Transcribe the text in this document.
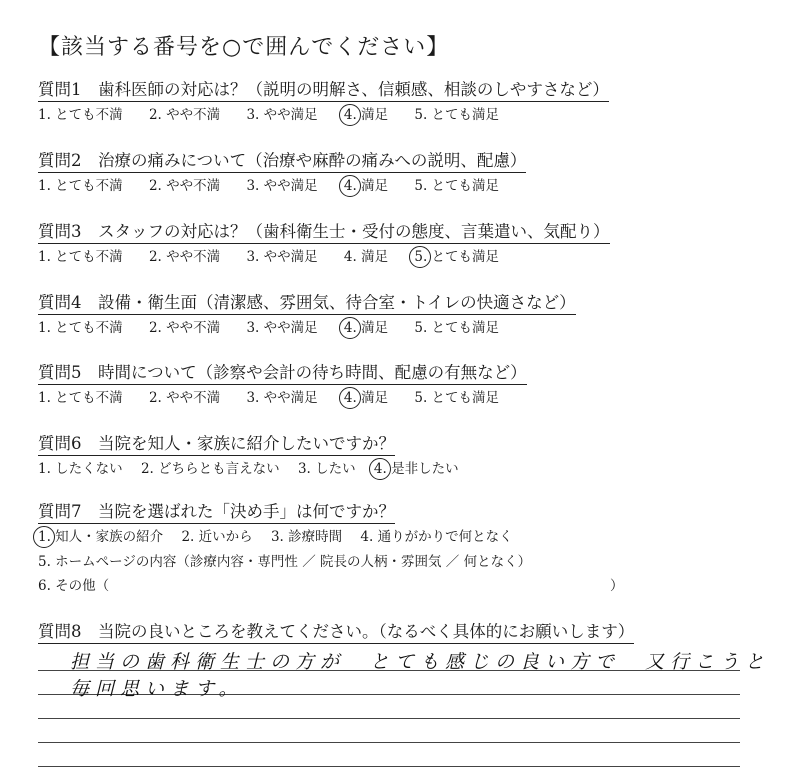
【該当する番号を○で囲んでください】
質問1　歯科医師の対応は？（説明の明解さ、信頼感、相談のしやすさなど）
1. とても不満 2. やや不満 3. やや満足 4. 満足 5. とても満足
質問2　治療の痛みについて（治療や麻酔の痛みへの説明、配慮）
1. とても不満 2. やや不満 3. やや満足 4. 満足 5. とても満足
質問3　スタッフの対応は？（歯科衛生士・受付の態度、言葉遣い、気配り）
1. とても不満 2. やや不満 3. やや満足 4. 満足 5. とても満足
質問4　設備・衛生面（清潔感、雰囲気、待合室・トイレの快適さなど）
1. とても不満 2. やや不満 3. やや満足 4. 満足 5. とても満足
質問5　時間について（診察や会計の待ち時間、配慮の有無など）
1. とても不満 2. やや不満 3. やや満足 4. 満足 5. とても満足
質問6　当院を知人・家族に紹介したいですか？
1. したくない 2. どちらとも言えない 3. したい 4. 是非したい
質問7　当院を選ばれた「決め手」は何ですか？
1. 知人・家族の紹介 2. 近いから 3. 診療時間 4. 通りがかりで何となく
5. ホームページの内容（診療内容・専門性 ／ 院長の人柄・雰囲気 ／ 何となく）
6. その他（	）
質問8　当院の良いところを教えてください。（なるべく具体的にお願いします）
担当の歯科衛生士の方が　とても感じの良い方で　又行こうと
毎回思います。
